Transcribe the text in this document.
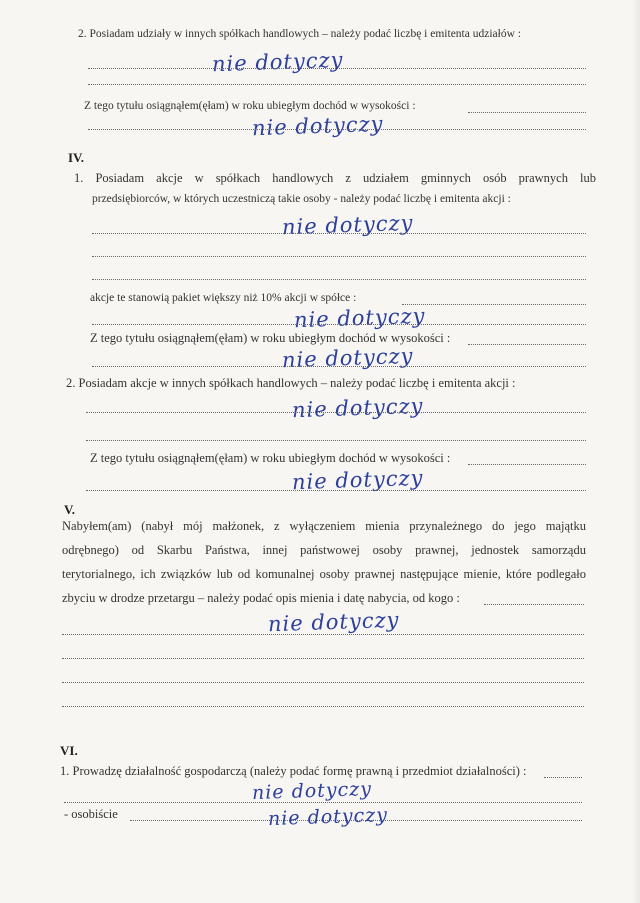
2. Posiadam udziały w innych spółkach handlowych – należy podać liczbę i emitenta udziałów :
nie dotyczy
Z tego tytułu osiągnąłem(ęłam) w roku ubiegłym dochód w wysokości :
nie dotyczy
IV.
1. Posiadam akcje w spółkach handlowych z udziałem gminnych osób prawnych lub
przedsiębiorców, w których uczestniczą takie osoby - należy podać liczbę i emitenta akcji :
nie dotyczy
akcje te stanowią pakiet większy niż 10% akcji w spółce :
nie dotyczy
Z tego tytułu osiągnąłem(ęłam) w roku ubiegłym dochód w wysokości :
nie dotyczy
2. Posiadam akcje w innych spółkach handlowych – należy podać liczbę i emitenta akcji :
nie dotyczy
Z tego tytułu osiągnąłem(ęłam) w roku ubiegłym dochód w wysokości :
nie dotyczy
V.
Nabyłem(am) (nabył mój małżonek, z wyłączeniem mienia przynależnego do jego majątku
odrębnego) od Skarbu Państwa, innej państwowej osoby prawnej, jednostek samorządu
terytorialnego, ich związków lub od komunalnej osoby prawnej następujące mienie, które podlegało
zbyciu w drodze przetargu – należy podać opis mienia i datę nabycia, od kogo :
nie dotyczy
VI.
1. Prowadzę działalność gospodarczą (należy podać formę prawną i przedmiot działalności) :
nie dotyczy
- osobiście	nie dotyczy
